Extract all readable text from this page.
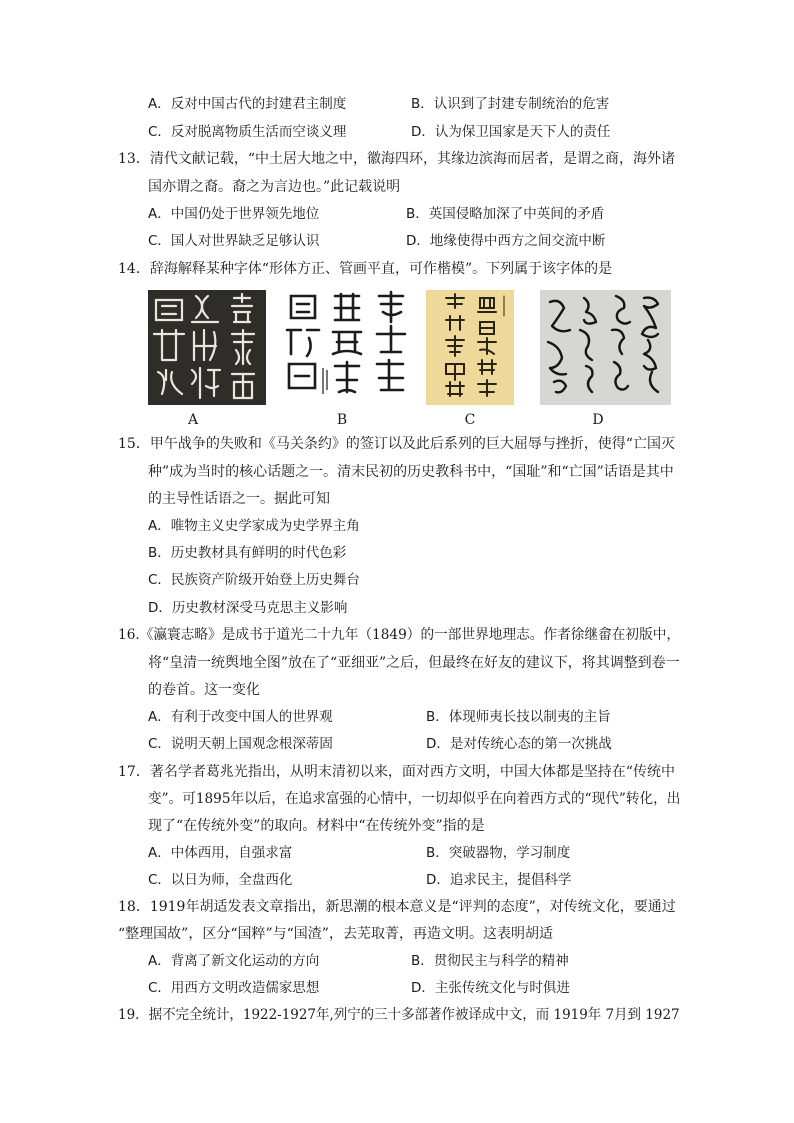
A．反对中国古代的封建君主制度	B．认识到了封建专制统治的危害
C．反对脱离物质生活而空谈义理	D．认为保卫国家是天下人的责任
13．清代文献记载，“中土居大地之中，徽海四环，其缘边滨海而居者，是谓之商，海外诸
国亦谓之裔。裔之为言边也。”此记载说明
A．中国仍处于世界领先地位	B．英国侵略加深了中英间的矛盾
C．国人对世界缺乏足够认识	D．地缘使得中西方之间交流中断
14．辞海解释某种字体“形体方正、管画平直，可作楷模”。下列属于该字体的是
A	B	C	D
15．甲午战争的失败和《马关条约》的签订以及此后系列的巨大屈辱与挫折，使得“亡国灭
种”成为当时的核心话题之一。清末民初的历史教科书中，“国耻”和“亡国”话语是其中
的主导性话语之一。据此可知
A．唯物主义史学家成为史学界主角
B．历史教材具有鲜明的时代色彩
C．民族资产阶级开始登上历史舞台
D．历史教材深受马克思主义影响
16.《瀛寰志略》是成书于道光二十九年（1849）的一部世界地理志。作者徐继畲在初版中，
将“皇清一统舆地全图”放在了“亚细亚”之后，但最终在好友的建议下，将其调整到卷一
的卷首。这一变化
A．有利于改变中国人的世界观	B．体现师夷长技以制夷的主旨
C．说明天朝上国观念根深蒂固	D．是对传统心态的第一次挑战
17．著名学者葛兆光指出，从明末清初以来，面对西方文明，中国大体都是坚持在“传统中
变”。可1895年以后，在追求富强的心情中，一切却似乎在向着西方式的“现代”转化，出
现了“在传统外变”的取向。材料中“在传统外变”指的是
A．中体西用，自强求富	B．突破器物，学习制度
C．以日为师，全盘西化	D．追求民主，提倡科学
18．1919年胡适发表文章指出，新思潮的根本意义是“评判的态度”，对传统文化，要通过
“整理国故”，区分“国粹”与“国渣”，去芜取菁，再造文明。这表明胡适
A．背离了新文化运动的方向	B．贯彻民主与科学的精神
C．用西方文明改造儒家思想	D．主张传统文化与时俱进
19．据不完全统计，1922-1927年,列宁的三十多部著作被译成中文，而 1919年 7月到 1927
